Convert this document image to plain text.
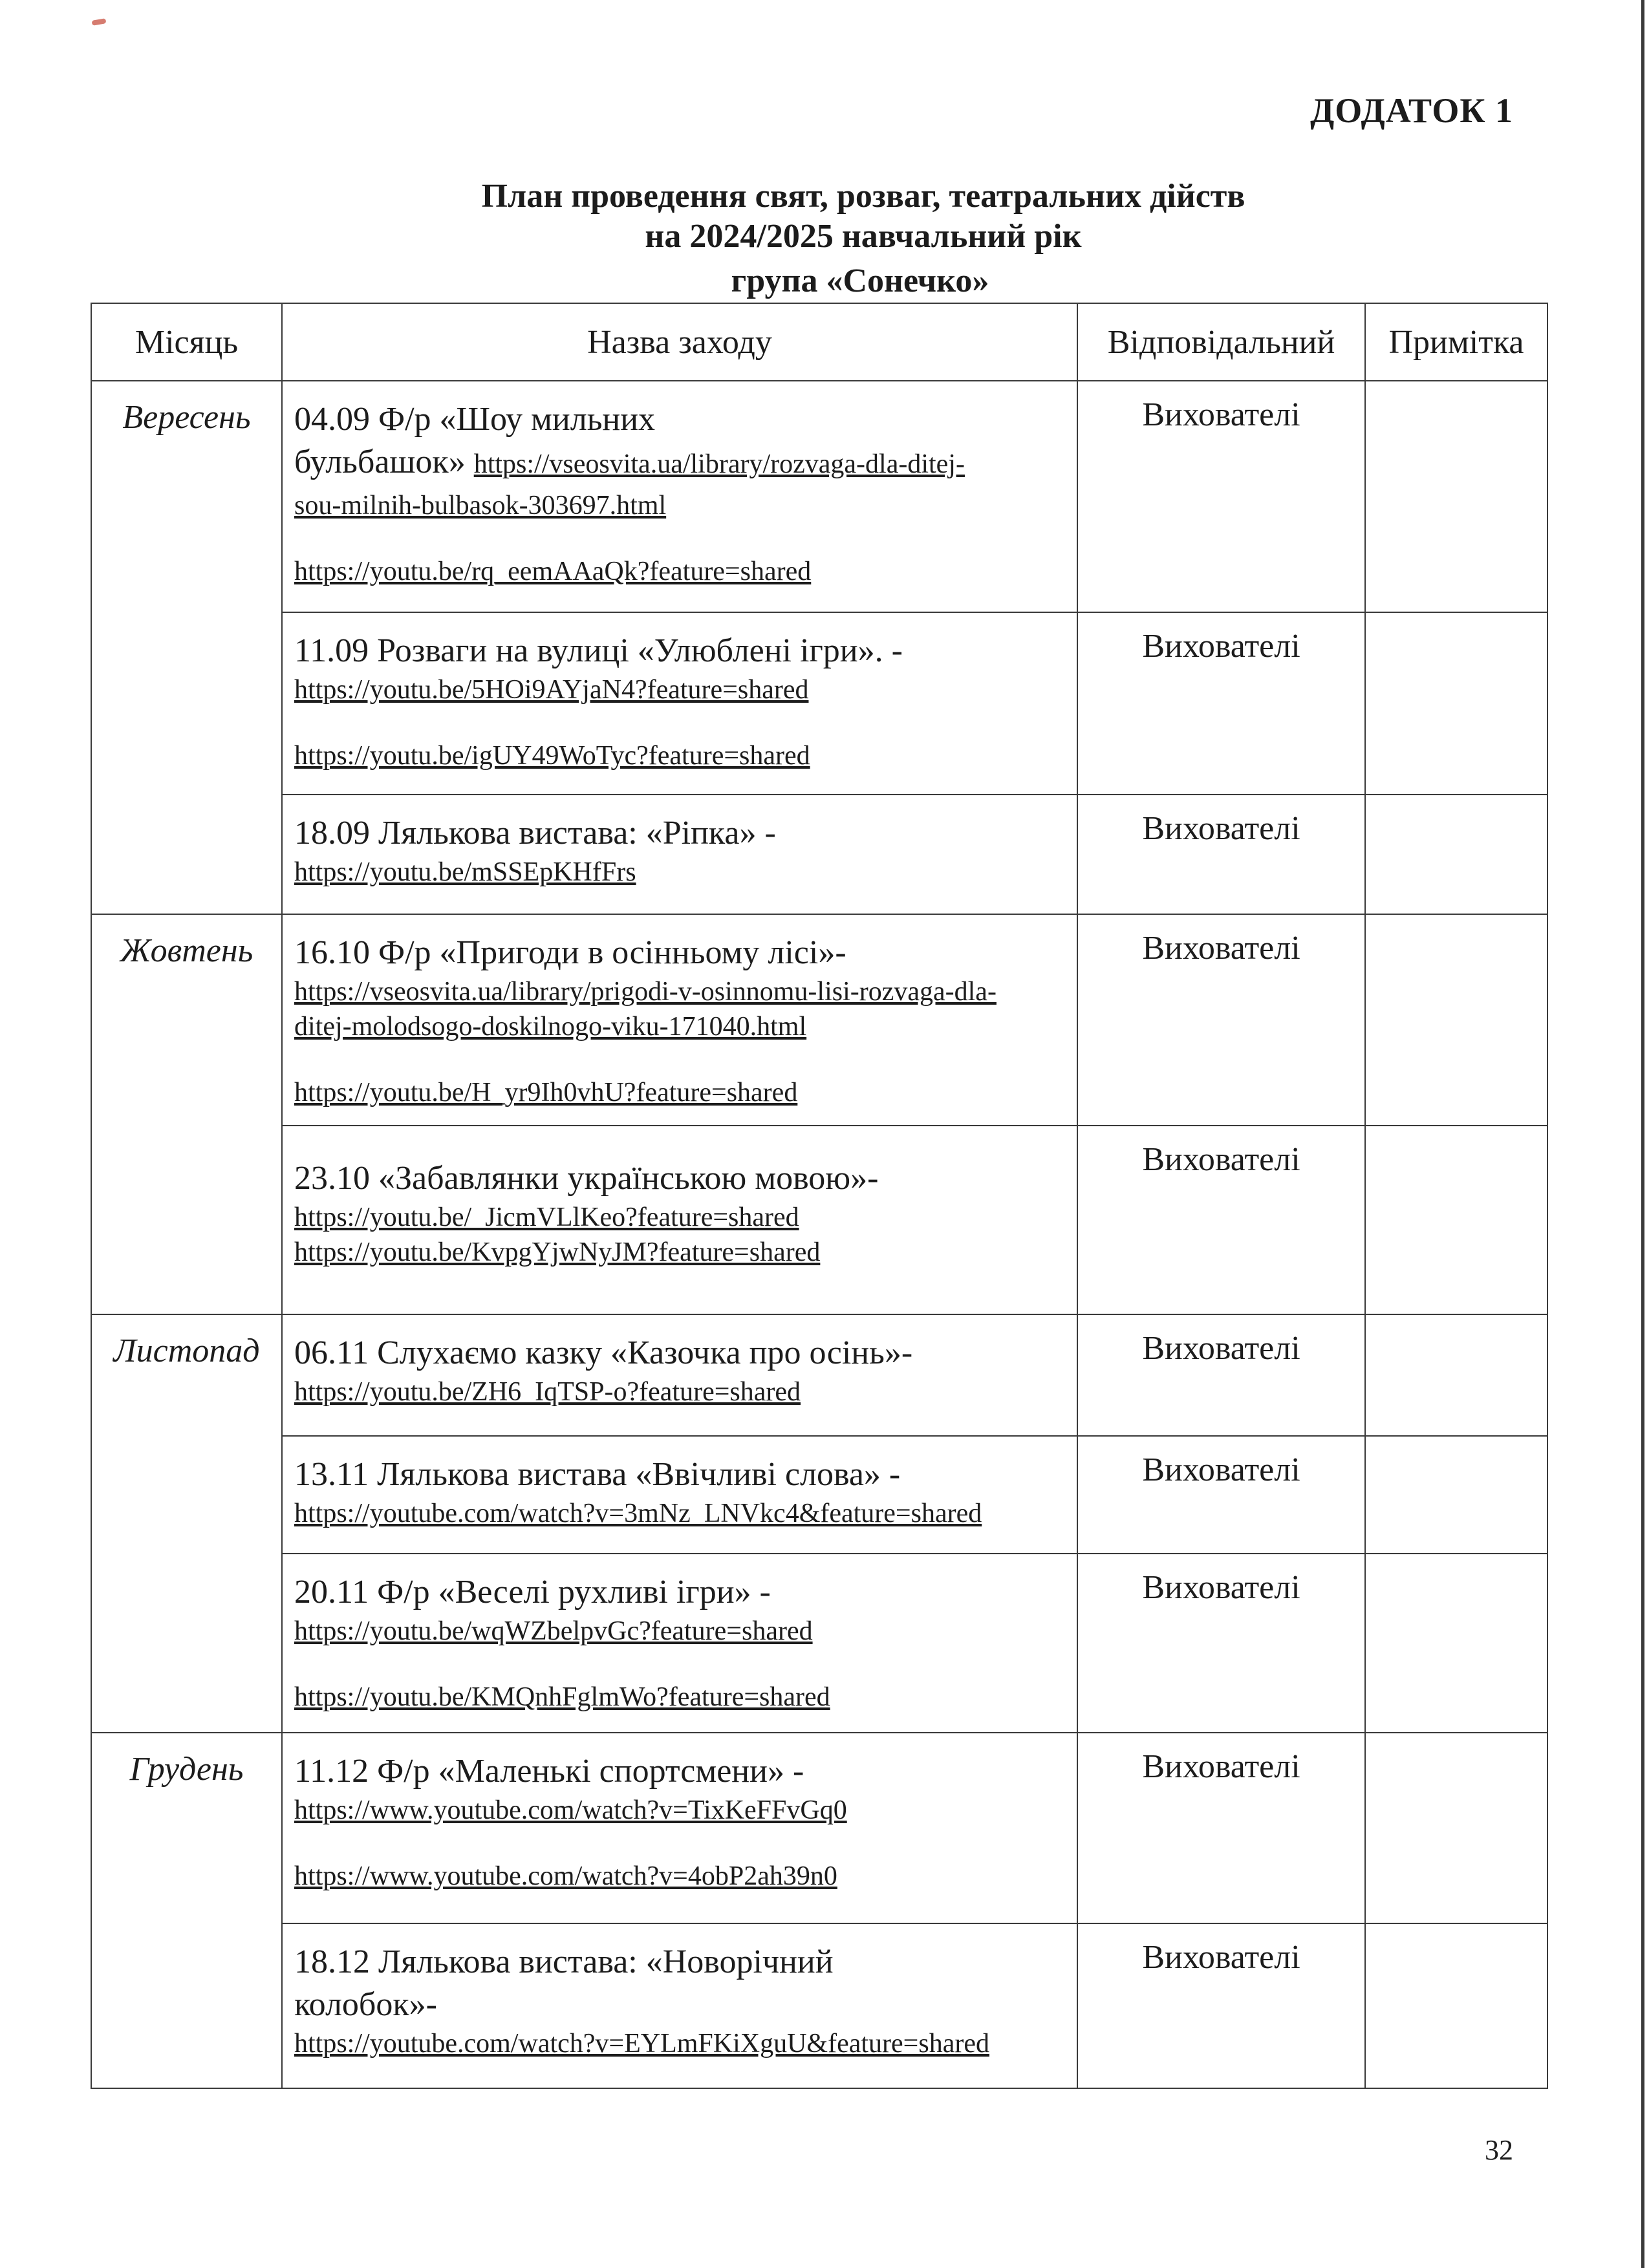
ДОДАТОК 1
План проведення свят, розваг, театральних дійств
на 2024/2025 навчальний рік
група «Сонечко»
Місяць	Назва заходу	Відповідальний	Примітка

Вересень	04.09 Ф/р «Шоу мильних
бульбашок» https://vseosvita.ua/library/rozvaga-dla-ditej-
sou-milnih-bulbasok-303697.html
https://youtu.be/rq_eemAAaQk?feature=shared	Вихователі	

	11.09 Розваги на вулиці «Улюблені ігри». -
https://youtu.be/5HOi9AYjaN4?feature=shared
https://youtu.be/igUY49WoTyc?feature=shared	Вихователі	

	18.09 Лялькова вистава: «Ріпка» -
https://youtu.be/mSSEpKHfFrs	Вихователі	

Жовтень	16.10 Ф/р «Пригоди в осінньому лісі»-
https://vseosvita.ua/library/prigodi-v-osinnomu-lisi-rozvaga-dla-
ditej-molodsogo-doskilnogo-viku-171040.html
https://youtu.be/H_yr9Ih0vhU?feature=shared	Вихователі	

	23.10 «Забавлянки українською мовою»-
https://youtu.be/_JicmVLlKeo?feature=shared
https://youtu.be/KvpgYjwNyJM?feature=shared	Вихователі	

Листопад	06.11 Слухаємо казку «Казочка про осінь»-
https://youtu.be/ZH6_IqTSP-o?feature=shared	Вихователі	

	13.11 Лялькова вистава «Ввічливі слова» -
https://youtube.com/watch?v=3mNz_LNVkc4&feature=shared	Вихователі	

	20.11 Ф/р «Веселі рухливі ігри» -
https://youtu.be/wqWZbelpvGc?feature=shared
https://youtu.be/KMQnhFglmWo?feature=shared	Вихователі	

Грудень	11.12 Ф/р «Маленькі спортсмени» -
https://www.youtube.com/watch?v=TixKeFFvGq0
https://www.youtube.com/watch?v=4obP2ah39n0	Вихователі	

	18.12 Лялькова вистава: «Новорічний
колобок»-
https://youtube.com/watch?v=EYLmFKiXguU&feature=shared	Вихователі	

32
